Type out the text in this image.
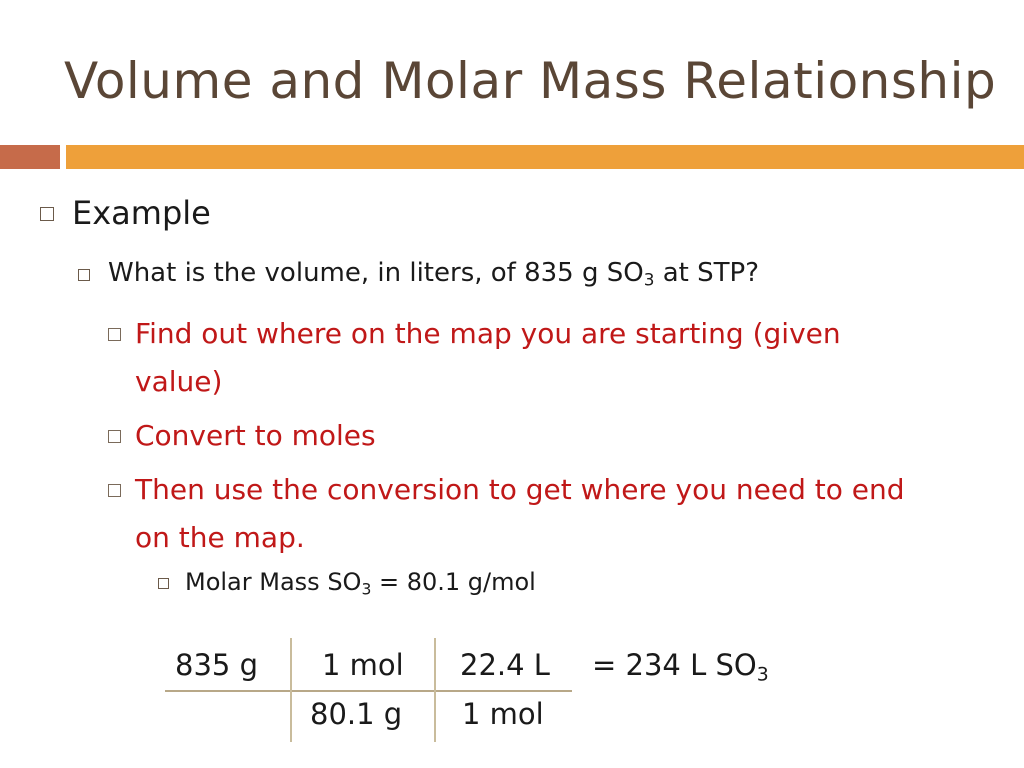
Volume and Molar Mass Relationship
Example
What is the volume, in liters, of 835 g $SO_3$ at STP?
Find out where on the map you are starting (given value)
Convert to moles
Then use the conversion to get where you need to end on the map.
Molar Mass $SO_3 = 80.1$ g/mol
835 g 1 mol
80.1 g
22.4 L
1 mol
= 234 L $SO_3$
